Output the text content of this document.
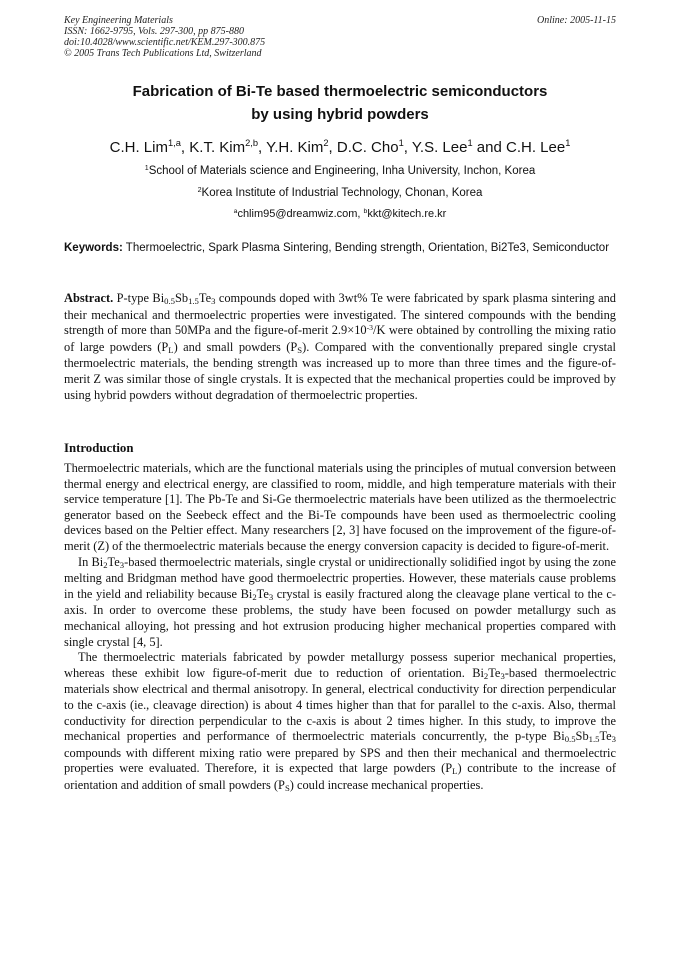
Key Engineering Materials
ISSN: 1662-9795, Vols. 297-300, pp 875-880
doi:10.4028/www.scientific.net/KEM.297-300.875
© 2005 Trans Tech Publications Ltd, Switzerland
Online: 2005-11-15
Fabrication of Bi-Te based thermoelectric semiconductors
by using hybrid powders
C.H. Lim$^{1,a}$, K.T. Kim$^{2,b}$, Y.H. Kim$^2$, D.C. Cho$^1$, Y.S. Lee$^1$ and C.H. Lee$^1$
$^1$School of Materials science and Engineering, Inha University, Inchon, Korea
$^2$Korea Institute of Industrial Technology, Chonan, Korea
$^a$chlim95@dreamwiz.com, $^b$kkt@kitech.re.kr
Keywords: Thermoelectric, Spark Plasma Sintering, Bending strength, Orientation, Bi2Te3, Semiconductor
Abstract. P-type $Bi_{0.5}Sb_{1.5}Te_3$ compounds doped with 3wt% Te were fabricated by spark plasma sintering and their mechanical and thermoelectric properties were investigated. The sintered compounds with the bending strength of more than 50MPa and the figure-of-merit $2.9\times 10^{-3}/K$ were obtained by controlling the mixing ratio of large powders $(P_L)$ and small powders $(P_S)$. Compared with the conventionally prepared single crystal thermoelectric materials, the bending strength was increased up to more than three times and the figure-of-merit Z was similar those of single crystals. It is expected that the mechanical properties could be improved by using hybrid powders without degradation of thermoelectric properties.
Introduction

Thermoelectric materials, which are the functional materials using the principles of mutual conversion between thermal energy and electrical energy, are classified to room, middle, and high temperature materials with their service temperature [1]. The Pb-Te and Si-Ge thermoelectric materials have been utilized as the thermoelectric generator based on the Seebeck effect and the Bi-Te compounds have been used as thermoelectric cooling devices based on the Peltier effect. Many researchers [2, 3] have focused on the improvement of the figure-of-merit (Z) of the thermoelectric materials because the energy conversion capacity is decided to figure-of-merit.

In $Bi_2Te_3$-based thermoelectric materials, single crystal or unidirectionally solidified ingot by using the zone melting and Bridgman method have good thermoelectric properties. However, these materials cause problems in the yield and reliability because $Bi_2Te_3$ crystal is easily fractured along the cleavage plane vertical to the c-axis. In order to overcome these problems, the study have been focused on powder metallurgy such as mechanical alloying, hot pressing and hot extrusion producing higher mechanical properties compared with single crystal [4, 5].

The thermoelectric materials fabricated by powder metallurgy possess superior mechanical properties, whereas these exhibit low figure-of-merit due to reduction of orientation. $Bi_2Te_3$-based thermoelectric materials show electrical and thermal anisotropy. In general, electrical conductivity for direction perpendicular to the c-axis (ie., cleavage direction) is about 4 times higher than that for parallel to the c-axis. Also, thermal conductivity for direction perpendicular to the c-axis is about 2 times higher. In this study, to improve the mechanical properties and performance of thermoelectric materials concurrently, the p-type $Bi_{0.5}Sb_{1.5}Te_3$ compounds with different mixing ratio were prepared by SPS and then their mechanical and thermoelectric properties were evaluated. Therefore, it is expected that large powders $(P_L)$ contribute to the increase of orientation and addition of small powders $(P_S)$ could increase mechanical properties.
